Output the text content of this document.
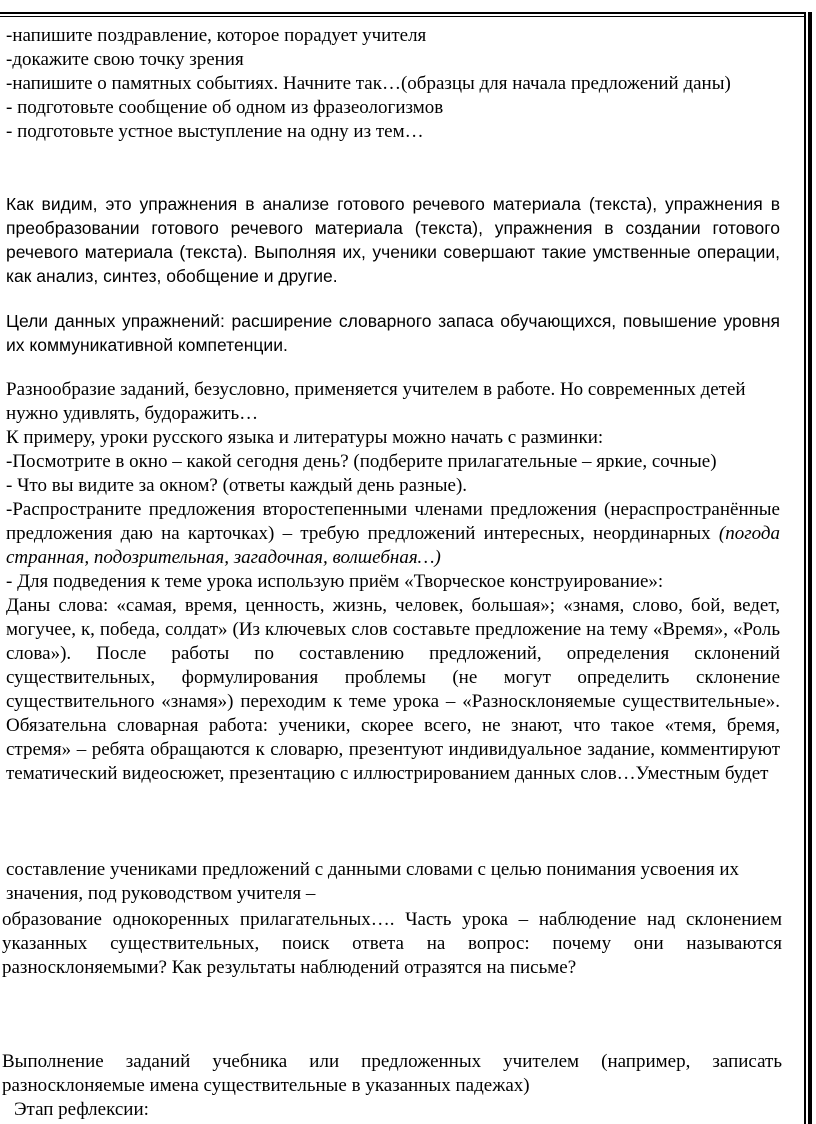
-напишите поздравление, которое порадует учителя

-докажите свою точку зрения

-напишите о памятных событиях. Начните так…(образцы для начала предложений даны)

- подготовьте сообщение об одном из фразеологизмов

- подготовьте устное выступление на одну из тем…

Как видим, это упражнения в анализе готового речевого материала (текста), упражнения в преобразовании готового речевого материала (текста), упражнения в создании готового речевого материала (текста). Выполняя их, ученики совершают такие умственные операции, как анализ, синтез, обобщение и другие.

Цели данных упражнений: расширение словарного запаса обучающихся, повышение уровня их коммуникативной компетенции.

Разнообразие заданий, безусловно, применяется учителем в работе. Но современных детей нужно удивлять, будоражить…

К примеру, уроки русского языка и литературы можно начать с разминки:

-Посмотрите в окно – какой сегодня день? (подберите прилагательные – яркие, сочные)

- Что вы видите за окном? (ответы каждый день разные).

-Распространите предложения второстепенными членами предложения (нераспространённые предложения даю на карточках) – требую предложений интересных, неординарных (погода странная, подозрительная, загадочная, волшебная…)

- Для подведения к теме урока использую приём «Творческое конструирование»:

Даны слова: «самая, время, ценность, жизнь, человек, большая»; «знамя, слово, бой, ведет, могучее, к, победа, солдат» (Из ключевых слов составьте предложение на тему «Время», «Роль слова»). После работы по составлению предложений, определения склонений существительных, формулирования проблемы (не могут определить склонение существительного «знамя») переходим к теме урока – «Разносклоняемые существительные». Обязательна словарная работа: ученики, скорее всего, не знают, что такое «темя, бремя, стремя» – ребята обращаются к словарю, презентуют индивидуальное задание, комментируют тематический видеосюжет, презентацию с иллюстрированием данных слов…Уместным будет

составление учениками предложений с данными словами с целью понимания усвоения их значения, под руководством учителя –

образование однокоренных прилагательных…. Часть урока – наблюдение над склонением указанных существительных, поиск ответа на вопрос: почему они называются разносклоняемыми? Как результаты наблюдений отразятся на письме?

Выполнение заданий учебника или предложенных учителем (например, записать разносклоняемые имена существительные в указанных падежах)

Этап рефлексии:
